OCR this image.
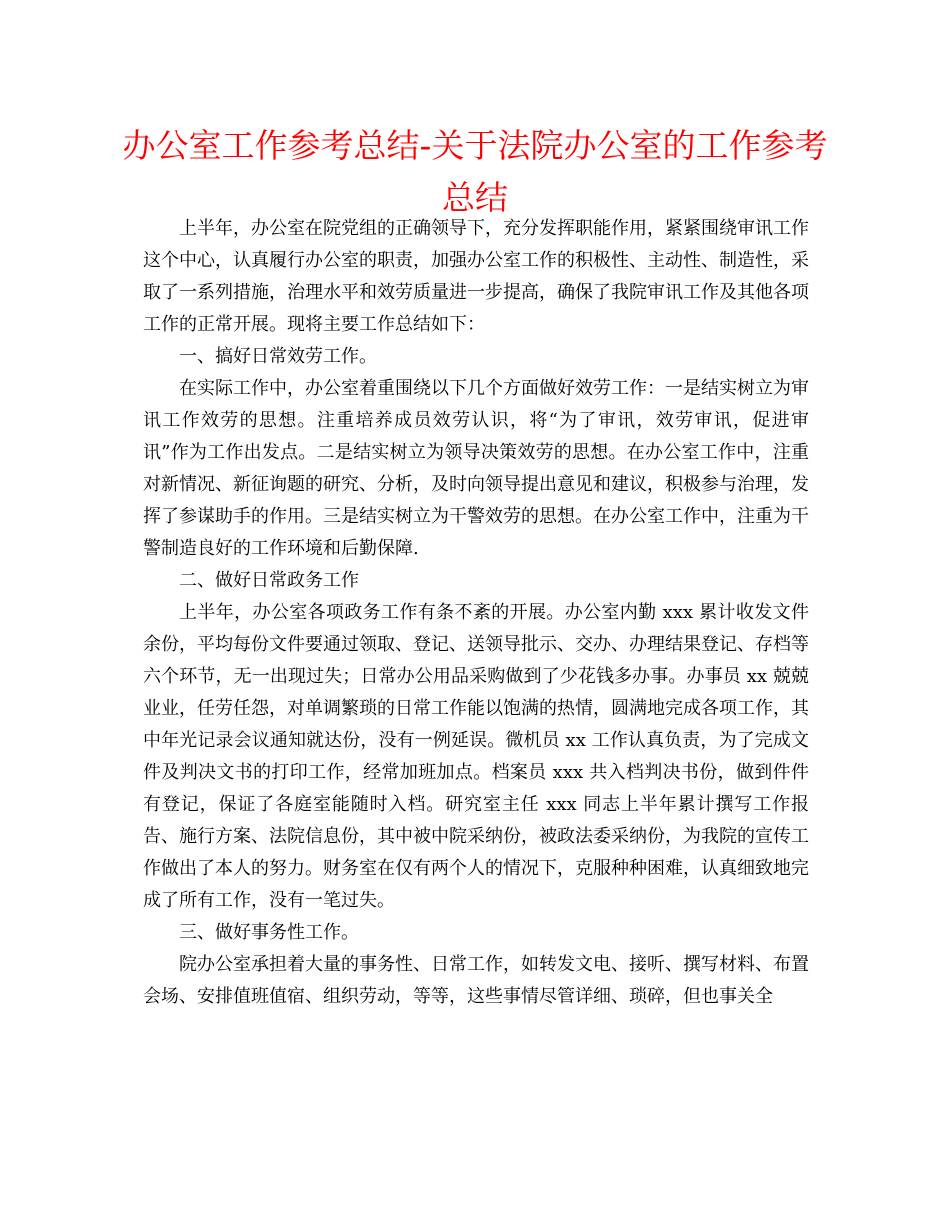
办公室工作参考总结-关于法院办公室的工作参考总结

上半年，办公室在院党组的正确领导下，充分发挥职能作用，紧紧围绕审讯工作这个中心，认真履行办公室的职责，加强办公室工作的积极性、主动性、制造性，采取了一系列措施，治理水平和效劳质量进一步提高，确保了我院审讯工作及其他各项工作的正常开展。现将主要工作总结如下：

一、搞好日常效劳工作。

在实际工作中，办公室着重围绕以下几个方面做好效劳工作：一是结实树立为审讯工作效劳的思想。注重培养成员效劳认识，将“为了审讯，效劳审讯，促进审讯”作为工作出发点。二是结实树立为领导决策效劳的思想。在办公室工作中，注重对新情况、新征询题的研究、分析，及时向领导提出意见和建议，积极参与治理，发挥了参谋助手的作用。三是结实树立为干警效劳的思想。在办公室工作中，注重为干警制造良好的工作环境和后勤保障.

二、做好日常政务工作

上半年，办公室各项政务工作有条不紊的开展。办公室内勤 xxx 累计收发文件余份，平均每份文件要通过领取、登记、送领导批示、交办、办理结果登记、存档等六个环节，无一出现过失；日常办公用品采购做到了少花钱多办事。办事员 xx 兢兢业业，任劳任怨，对单调繁琐的日常工作能以饱满的热情，圆满地完成各项工作，其中年光记录会议通知就达份，没有一例延误。微机员 xx 工作认真负责，为了完成文件及判决文书的打印工作，经常加班加点。档案员 xxx 共入档判决书份，做到件件有登记，保证了各庭室能随时入档。研究室主任 xxx 同志上半年累计撰写工作报告、施行方案、法院信息份，其中被中院采纳份，被政法委采纳份，为我院的宣传工作做出了本人的努力。财务室在仅有两个人的情况下，克服种种困难，认真细致地完成了所有工作，没有一笔过失。

三、做好事务性工作。

院办公室承担着大量的事务性、日常工作，如转发文电、接听、撰写材料、布置会场、安排值班值宿、组织劳动，等等，这些事情尽管详细、琐碎，但也事关全
